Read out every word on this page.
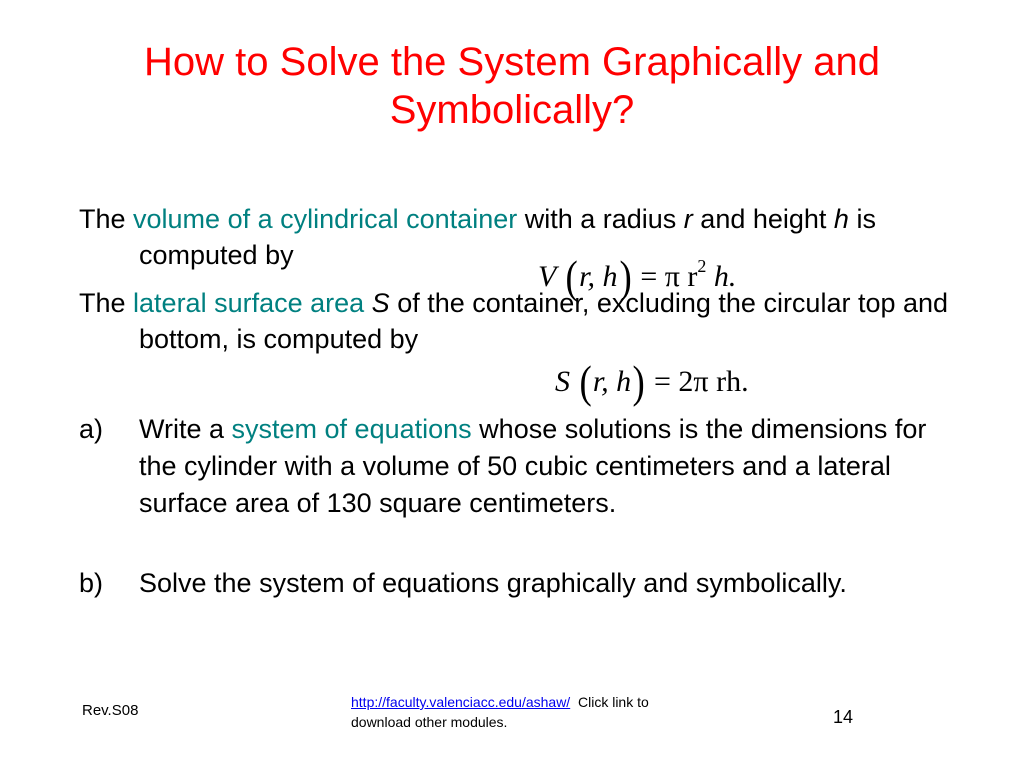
How to Solve the System Graphically and Symbolically?
The volume of a cylindrical container with a radius r and height h is computed by
V (r, h) = π $r^2$ h.
The lateral surface area S of the container, excluding the circular top and bottom, is computed by
S (r, h) = 2π rh.
a) Write a system of equations whose solutions is the dimensions for the cylinder with a volume of 50 cubic centimeters and a lateral surface area of 130 square centimeters.
b) Solve the system of equations graphically and symbolically.
Rev.S08	http://faculty.valenciacc.edu/ashaw/ Click link to download other modules.	14
